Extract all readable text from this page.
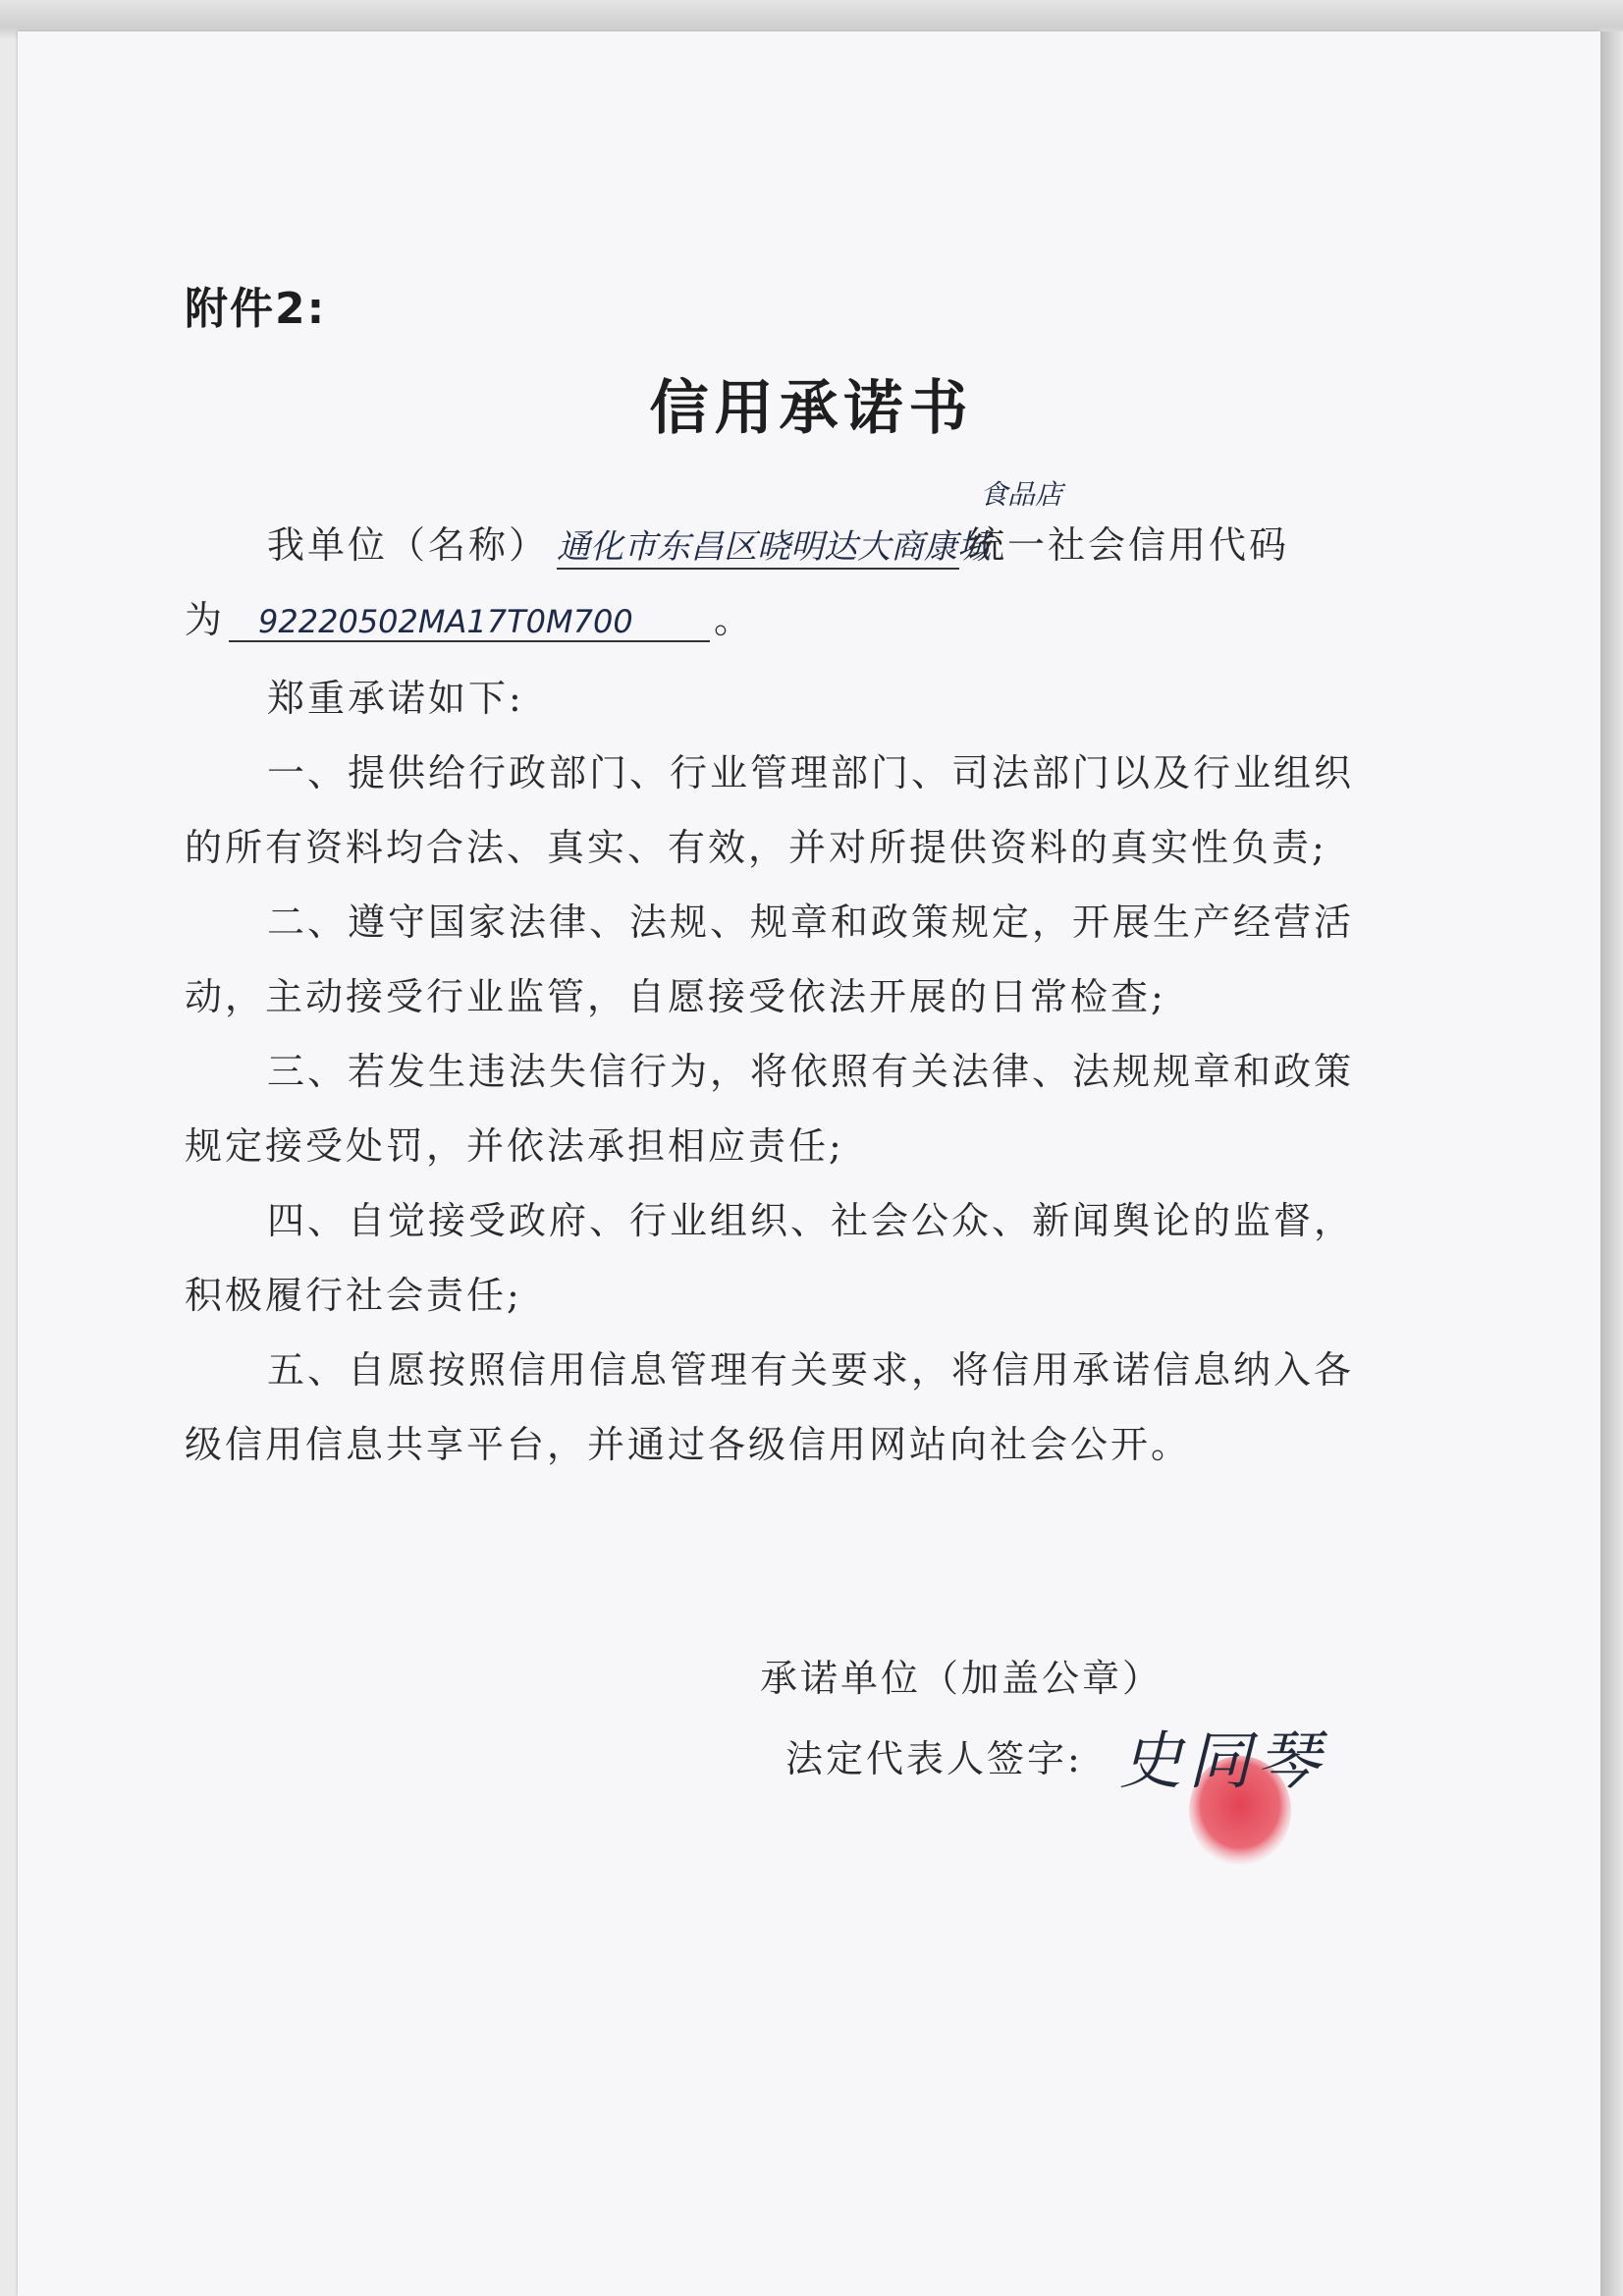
附件2:
信用承诺书
食品店
我单位（名称） 通化市东昌区晓明达大商康城统一社会信用代码
为 92220502MA17T0M700 。
郑重承诺如下:
一、提供给行政部门、行业管理部门、司法部门以及行业组织
的所有资料均合法、真实、有效，并对所提供资料的真实性负责;
二、遵守国家法律、法规、规章和政策规定，开展生产经营活
动，主动接受行业监管，自愿接受依法开展的日常检查;
三、若发生违法失信行为，将依照有关法律、法规规章和政策
规定接受处罚，并依法承担相应责任;
四、自觉接受政府、行业组织、社会公众、新闻舆论的监督，
积极履行社会责任;
五、自愿按照信用信息管理有关要求，将信用承诺信息纳入各
级信用信息共享平台，并通过各级信用网站向社会公开。
承诺单位（加盖公章）
法定代表人签字: 史同琴
